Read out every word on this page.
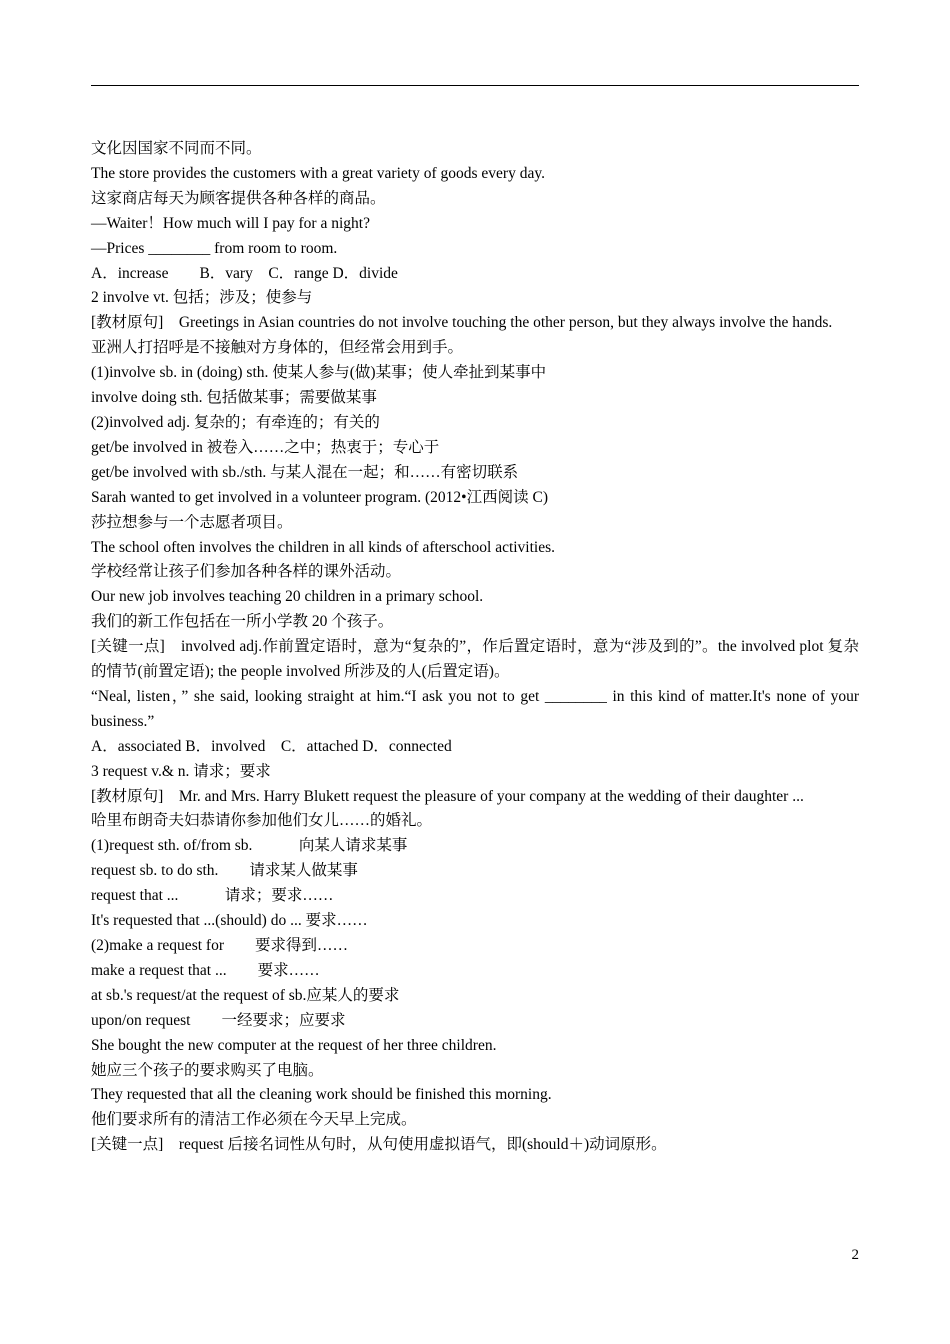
文化因国家不同而不同。
The store provides the customers with a great variety of goods every day.
这家商店每天为顾客提供各种各样的商品。
—Waiter！How much will I pay for a night?
—Prices ________ from room to room.
A．increase　　B．vary　C．range D．divide
2 involve vt. 包括；涉及；使参与
[教材原句]　Greetings in Asian countries do not involve touching the other person, but they always involve the hands.
亚洲人打招呼是不接触对方身体的，但经常会用到手。
(1)involve sb. in (doing) sth. 使某人参与(做)某事；使人牵扯到某事中
involve doing sth. 包括做某事；需要做某事
(2)involved adj. 复杂的；有牵连的；有关的
get/be involved in 被卷入……之中；热衷于；专心于
get/be involved with sb./sth. 与某人混在一起；和……有密切联系
Sarah wanted to get involved in a volunteer program. (2012•江西阅读 C)
莎拉想参与一个志愿者项目。
The school often involves the children in all kinds of afterschool activities.
学校经常让孩子们参加各种各样的课外活动。
Our new job involves teaching 20 children in a primary school.
我们的新工作包括在一所小学教 20 个孩子。
[关键一点]　involved adj.作前置定语时，意为“复杂的”，作后置定语时，意为“涉及到的”。the involved plot 复杂的情节(前置定语); the people involved 所涉及的人(后置定语)。
“Neal, listen，” she said, looking straight at him.“I ask you not to get ________ in this kind of matter.It's none of your business.”
A．associated B．involved　C．attached D．connected
3 request v.& n. 请求；要求
[教材原句]　Mr. and Mrs. Harry Blukett request the pleasure of your company at the wedding of their daughter ...
哈里布朗奇夫妇恭请你参加他们女儿……的婚礼。
(1)request sth. of/from sb.　　　向某人请求某事
request sb. to do sth.　　请求某人做某事
request that ...　　　请求；要求……
It's requested that ...(should) do ... 要求……
(2)make a request for　　要求得到……
make a request that ...　　要求……
at sb.'s request/at the request of sb.应某人的要求
upon/on request　　一经要求；应要求
She bought the new computer at the request of her three children.
她应三个孩子的要求购买了电脑。
They requested that all the cleaning work should be finished this morning.
他们要求所有的清洁工作必须在今天早上完成。
[关键一点]　request 后接名词性从句时，从句使用虚拟语气，即(should＋)动词原形。
2
